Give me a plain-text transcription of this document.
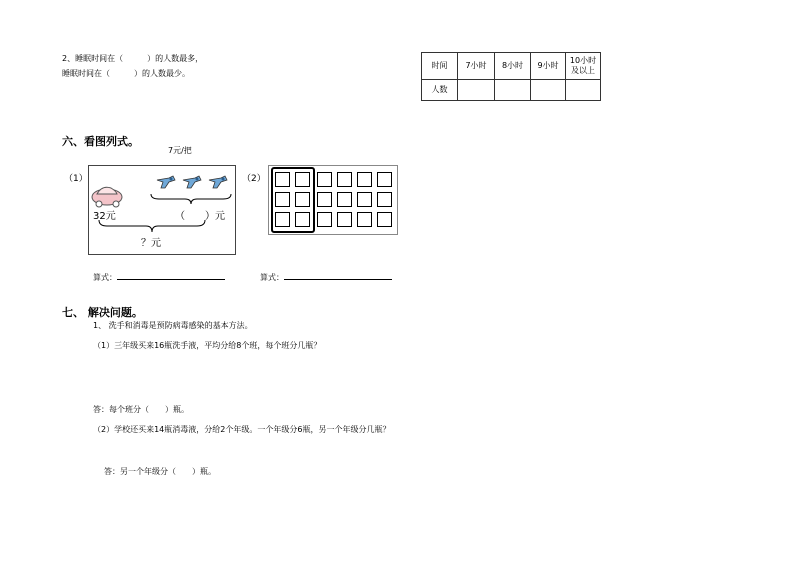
2、睡眠时间在（　　　）的人数最多，
睡眠时间在（　　　）的人数最少。
时间	7小时	8小时	9小时	10小时及以上
人数				
六、看图列式。
7元/把
（1）
32元	（　　）元
？元
（2）
算式：	算式：
七、 解决问题。
1、 洗手和消毒是预防病毒感染的基本方法。
（1）三年级买来16瓶洗手液，平均分给8个班，每个班分几瓶？
答：每个班分（　　）瓶。
（2）学校还买来14瓶消毒液，分给2个年级。一个年级分6瓶，另一个年级分几瓶？
答：另一个年级分（　　）瓶。
